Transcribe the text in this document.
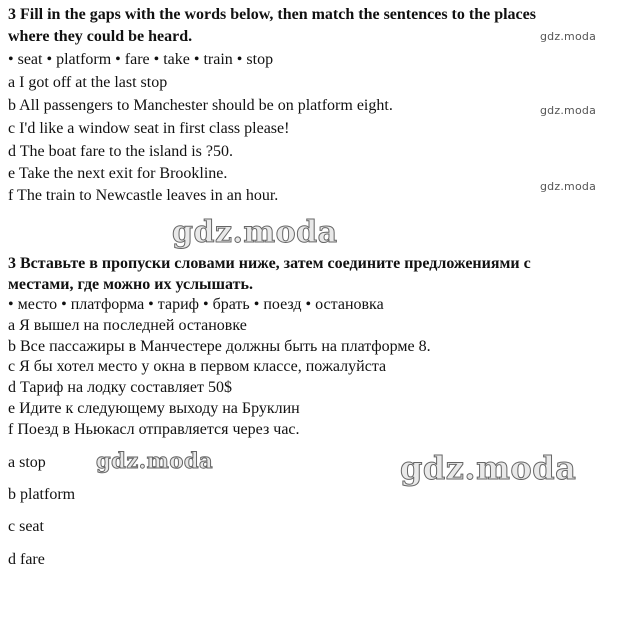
3 Fill in the gaps with the words below, then match the sentences to the places
where they could be heard.
• seat • platform • fare • take • train • stop
a I got off at the last stop
b All passengers to Manchester should be on platform eight.
c I'd like a window seat in first class please!
d The boat fare to the island is ?50.
e Take the next exit for Brookline.
f The train to Newcastle leaves in an hour.
3 Вставьте в пропуски словами ниже, затем соедините предложениями с
местами, где можно их услышать.
• место • платформа • тариф • брать • поезд • остановка
a Я вышел на последней остановке
b Все пассажиры в Манчестере должны быть на платформе 8.
c Я бы хотел место у окна в первом классе, пожалуйста
d Тариф на лодку составляет 50$
e Идите к следующему выходу на Бруклин
f Поезд в Ньюкасл отправляется через час.
a stop
b platform
c seat
d fare
gdz.moda
gdz.moda
gdz.moda
gdz.moda
gdz.moda	gdz.moda
